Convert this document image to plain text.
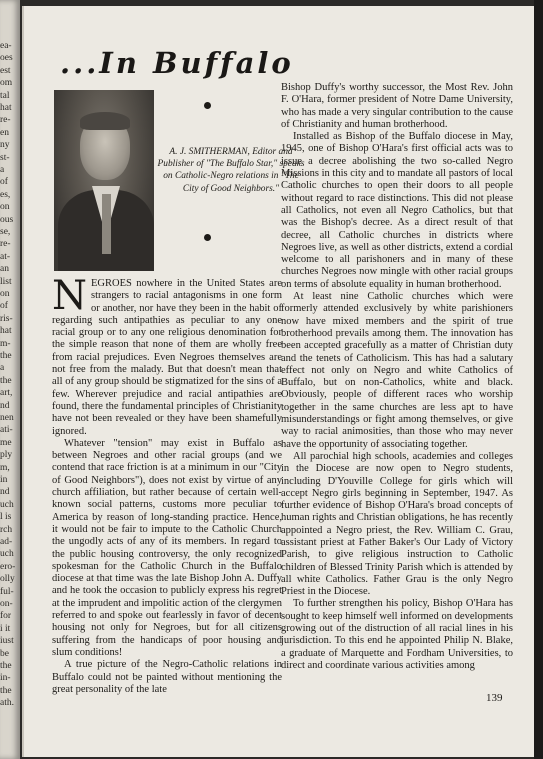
ea-
oes
est
om
tal
hat
re-
en
ny
st-
a
of
es,
on
ous
se,
re-
at-
an
list
on
of
ris-
hat
m-
the
a
the
art,
nd
nen
ati-
me
ply
m,
in
nd
uch
l is
rch
ad-
uch
ero-
olly
ful-
on-
for
i it
iust
be
the
in-
the
ath.
...In Buffalo

A. J. SMITHERMAN, Editor and Publisher of "The Buffalo Star," speaks on Catholic-Negro relations in "The City of Good Neighbors."

NEGROES nowhere in the United States are strangers to racial antagonisms in one form or another, nor have they been in the habit of regarding such antipathies as peculiar to any one racial group or to any one religious denomination for the simple reason that none of them are wholly free from racial prejudices. Even Negroes themselves are not free from the malady. But that doesn't mean that all of any group should be stigmatized for the sins of a few. Wherever prejudice and racial antipathies are found, there the fundamental principles of Christianity have not been revealed or they have been shamefully ignored.

Whatever "tension" may exist in Buffalo as between Negroes and other racial groups (and we contend that race friction is at a minimum in our "City of Good Neighbors"), does not exist by virtue of any church affiliation, but rather because of certain well-known social patterns, customs more peculiar to America by reason of long-standing practice. Hence, it would not be fair to impute to the Catholic Church the ungodly acts of any of its members. In regard to the public housing controversy, the only recognized spokesman for the Catholic Church in the Buffalo diocese at that time was the late Bishop John A. Duffy and he took the occasion to publicly express his regret at the imprudent and impolitic action of the clergymen referred to and spoke out fearlessly in favor of decent housing not only for Negroes, but for all citizens suffering from the handicaps of poor housing and slum conditions!

A true picture of the Negro-Catholic relations in Buffalo could not be painted without mentioning the great personality of the late

Bishop Duffy's worthy successor, the Most Rev. John F. O'Hara, former president of Notre Dame University, who has made a very singular contribution to the cause of Christianity and human brotherhood.

Installed as Bishop of the Buffalo diocese in May, 1945, one of Bishop O'Hara's first official acts was to issue a decree abolishing the two so-called Negro Missions in this city and to mandate all pastors of local Catholic churches to open their doors to all people without regard to race distinctions. This did not please all Catholics, not even all Negro Catholics, but that was the Bishop's decree. As a direct result of that decree, all Catholic churches in districts where Negroes live, as well as other districts, extend a cordial welcome to all parishoners and in many of these churches Negroes now mingle with other racial groups on terms of absolute equality in human brotherhood.

At least nine Catholic churches which were formerly attended exclusively by white parishioners now have mixed members and the spirit of true brotherhood prevails among them. The innovation has been accepted gracefully as a matter of Christian duty and the tenets of Catholicism. This has had a salutary effect not only on Negro and white Catholics of Buffalo, but on non-Catholics, white and black. Obviously, people of different races who worship together in the same churches are less apt to have misunderstandings or fight among themselves, or give way to racial animosities, than those who may never have the opportunity of associating together.

All parochial high schools, academies and colleges in the Diocese are now open to Negro students, including D'Youville College for girls which will accept Negro girls beginning in September, 1947. As further evidence of Bishop O'Hara's broad concepts of human rights and Christian obligations, he has recently appointed a Negro priest, the Rev. William C. Grau, assistant priest at Father Baker's Our Lady of Victory Parish, to give religious instruction to Catholic children of Blessed Trinity Parish which is attended by all white Catholics. Father Grau is the only Negro Priest in the Diocese.

To further strengthen his policy, Bishop O'Hara has sought to keep himself well informed on developments growing out of the distruction of all racial lines in his jurisdiction. To this end he appointed Philip N. Blake, a graduate of Marquette and Fordham Universities, to direct and coordinate various activities among

139
